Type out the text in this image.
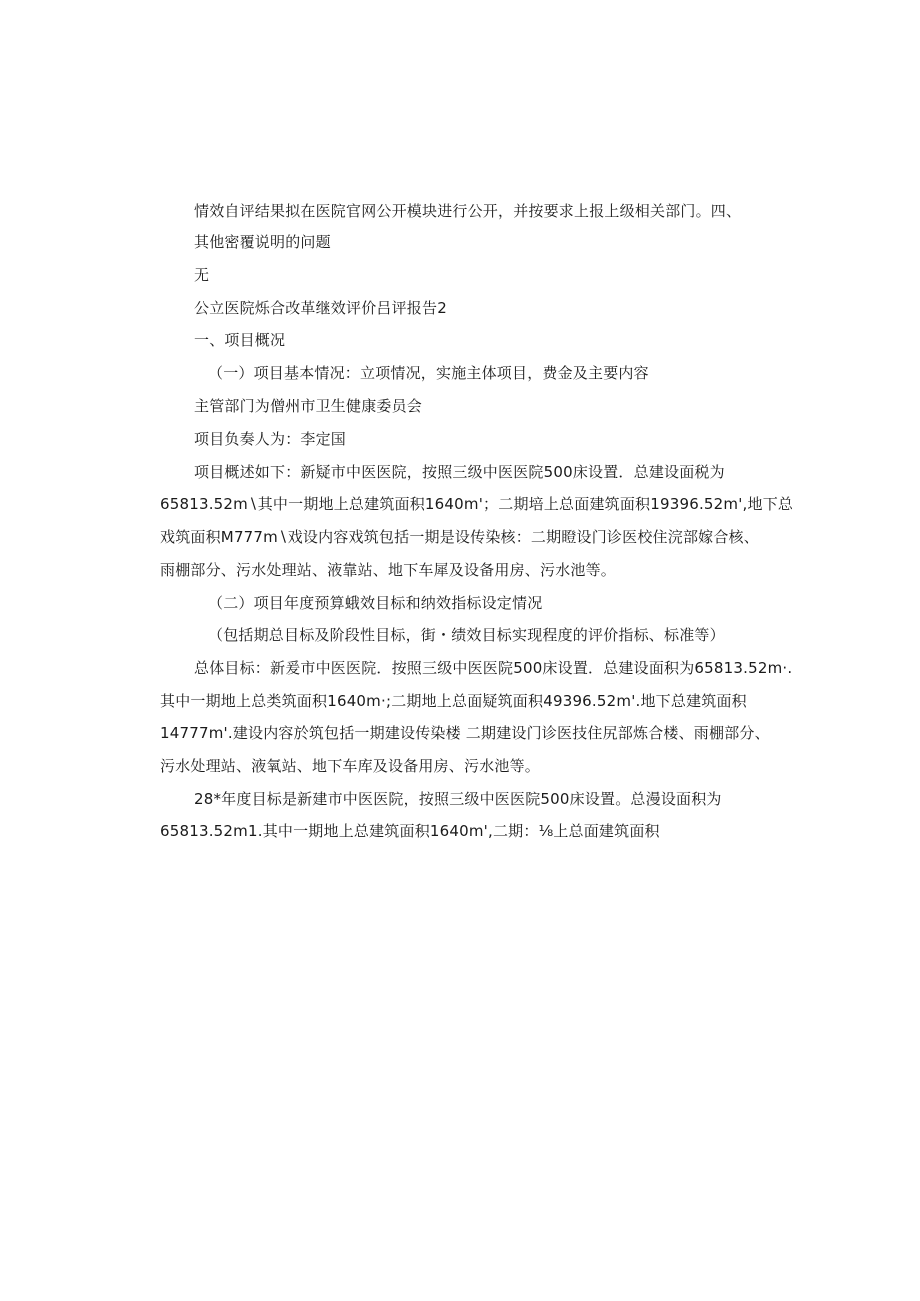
情效自评结果拟在医院官网公开模块进行公开，并按要求上报上级相关部门。四、
其他密覆说明的问题
无
公立医院烁合改革继效评价吕评报告2
一、项目概况
（一）项目基本情况：立项情况，实施主体项目，费金及主要内容
主管部门为僧州市卫生健康委员会
项目负奏人为：李定国
项目概述如下：新疑市中医医院，按照三级中医医院500床设置．总建设面税为
65813.52m∖其中一期地上总建筑面积1640m'；二期培上总面建筑面积19396.52m',地下总
戏筑面积M777m∖戏设内容戏筑包括一期是设传染核：二期瞪设门诊医校住浣部嫁合核、
雨棚部分、污水处理站、液靠站、地下车犀及设备用房、污水池等。
（二）项目年度预算蛾效目标和纳效指标设定情况
（包括期总目标及阶段性目标，街・绩效目标实现程度的评价指标、标准等）
总体目标：新爰市中医医院．按照三级中医医院500床设置．总建设面积为65813.52m·.
其中一期地上总类筑面积1640m·;二期地上总面疑筑面积49396.52m'.地下总建筑面积
14777m'.建设内容於筑包括一期建设传染楼 二期建设门诊医技住尻部炼合楼、雨棚部分、
污水处理站、液氧站、地下车库及设备用房、污水池等。
28*年度目标是新建市中医医院，按照三级中医医院500床设置。总漫设面积为
65813.52m1.其中一期地上总建筑面积1640m',二期：⅛上总面建筑面积
